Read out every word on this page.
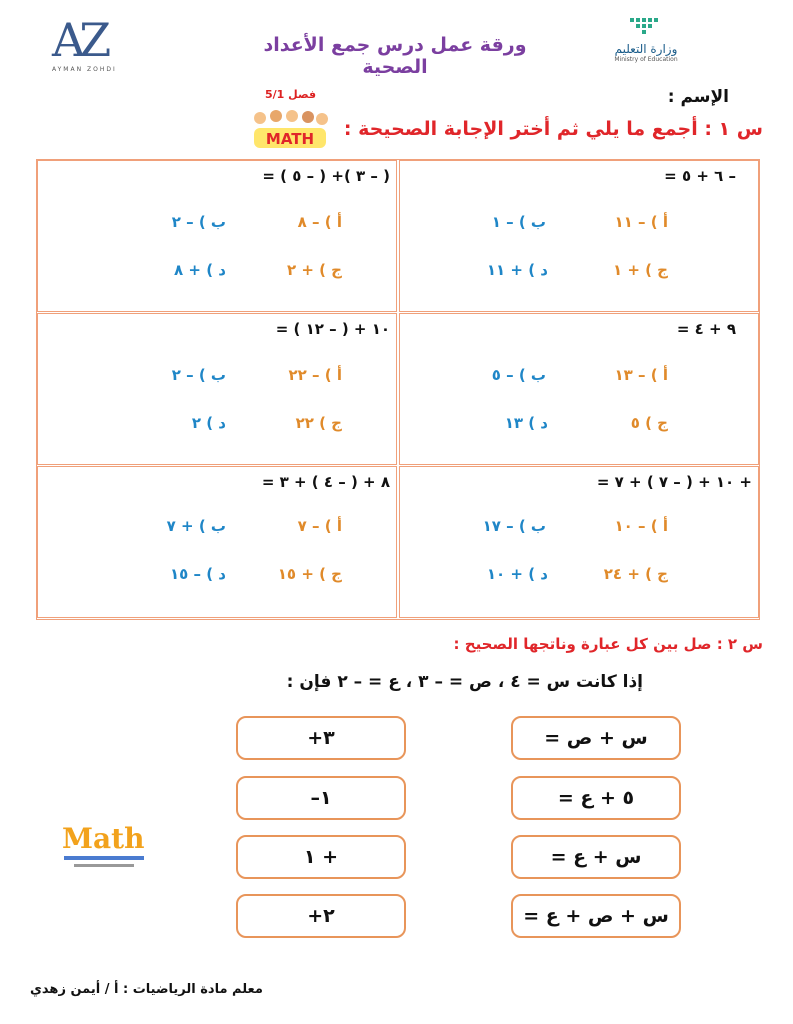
AZ
AYMAN ZOHDI
ورقة عمل درس جمع الأعداد الصحية
وزارة التعليم
Ministry of Education
الإسم :
فصل 5/1
MATH س ١ : أجمع ما يلي ثم أختر الإجابة الصحيحة :
– ٦ + ٥ =
أ ) – ١١
ب ) – ١
ج ) + ١
د ) + ١١
( – ٣ )+ ( – ٥ ) =
أ ) – ٨
ب ) – ٢
ج ) + ٢
د ) + ٨
٩ + ٤ =
أ ) – ١٣
ب ) – ٥
ج ) ٥
د ) ١٣
١٠ + ( – ١٢ ) =
أ ) – ٢٢
ب ) – ٢
ج ) ٢٢
د ) ٢
+ ١٠ + ( – ٧ ) + ٧ =
أ ) – ١٠
ب ) – ١٧
ج ) + ٢٤
د ) + ١٠
٨ + ( – ٤ ) + ٣ =
أ ) – ٧
ب ) + ٧
ج ) + ١٥
د ) – ١٥
س ٢ : صل بين كل عبارة وناتجها الصحيح :
إذا كانت س = ٤ ، ص = – ٣ ، ع = – ٢ فإن :
س + ص =
٥ + ع =
س + ع =
س + ص + ع =
٣+
١–
+ ١
٢+
Math
معلم مادة الرياضيات : أ / أيمن زهدي
